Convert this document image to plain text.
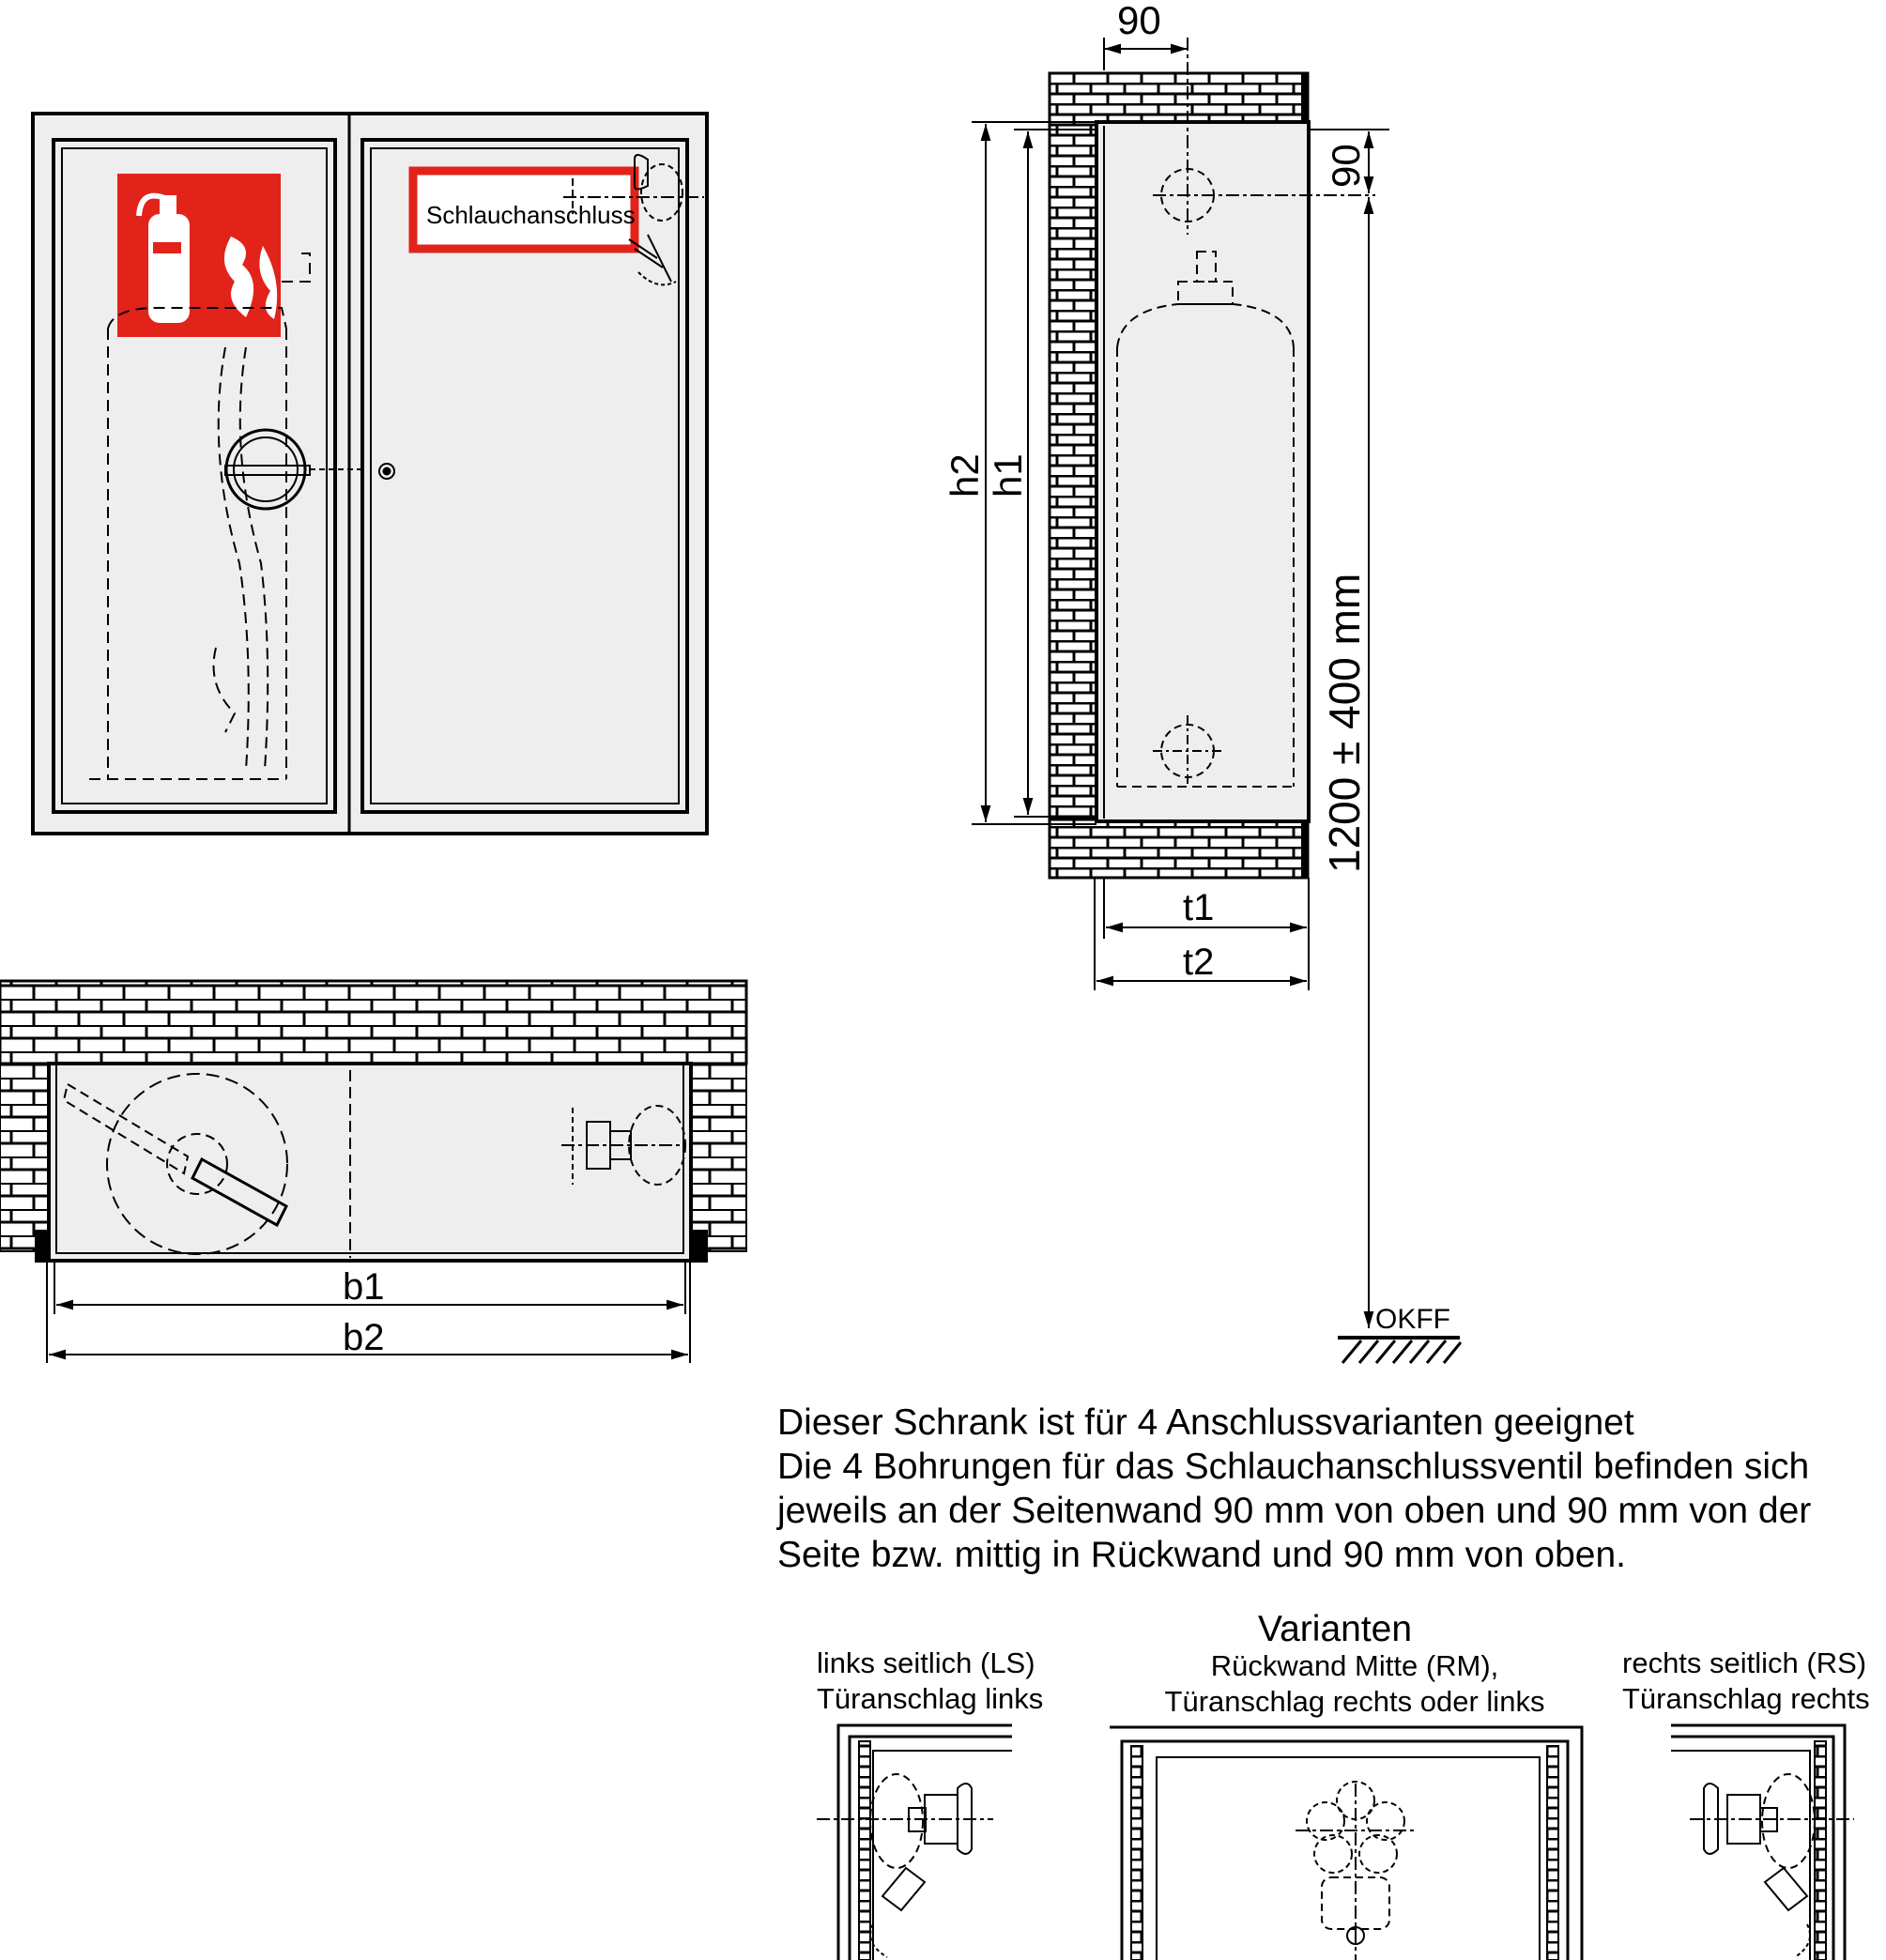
Schlauchanschluss
b1
b2
90
90
h2 h1
1200 ± 400 mm
t1
t2
OKFF
Dieser Schrank ist für 4 Anschlussvarianten geeignet
Die 4 Bohrungen für das Schlauchanschlussventil befinden sich
jeweils an der Seitenwand 90 mm von oben und 90 mm von der
Seite bzw. mittig in Rückwand und 90 mm von oben.
Varianten
links seitlich (LS)
Türanschlag links
Rückwand Mitte (RM),
Türanschlag rechts oder links
rechts seitlich (RS)
Türanschlag rechts
